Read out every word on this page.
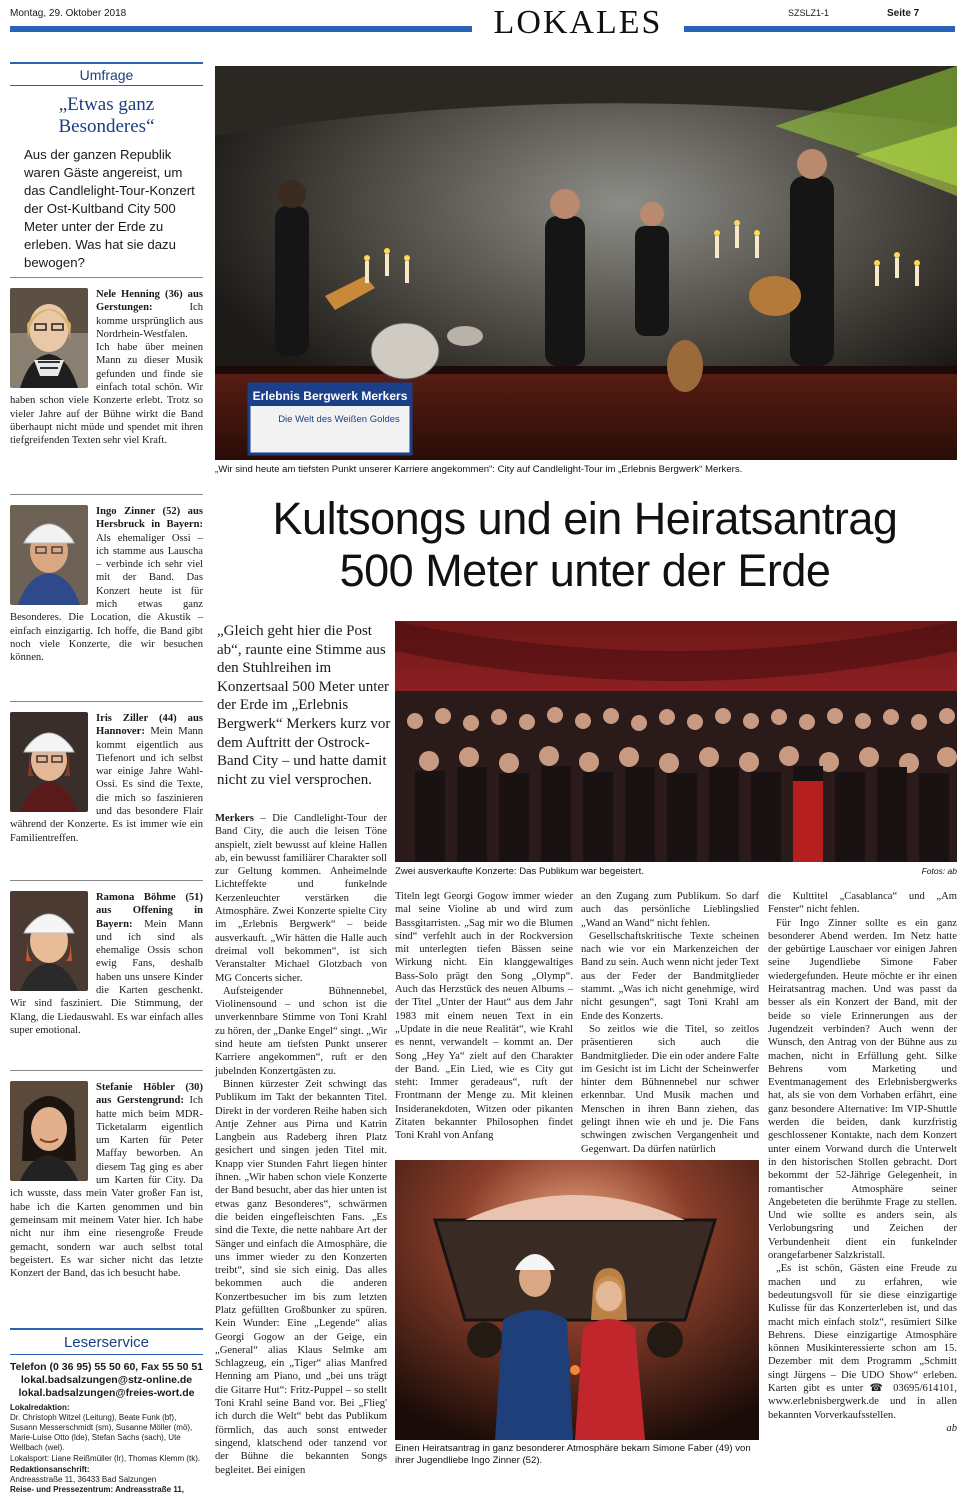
Montag, 29. Oktober 2018	LOKALES	SZSLZ1-1	Seite 7
Umfrage
„Etwas ganz Besonderes“
Aus der ganzen Republik waren Gäste angereist, um das Candlelight-Tour-Konzert der Ost-Kultband City 500 Meter unter der Erde zu erleben. Was hat sie dazu bewogen?
Nele Henning (36) aus Gerstungen:	Ich komme ursprünglich aus Nordrhein-Westfalen. Ich habe über meinen Mann zu dieser Musik gefunden und finde sie einfach total schön. Wir haben schon viele Konzerte erlebt. Trotz so vieler Jahre auf der Bühne wirkt die Band überhaupt nicht müde und spendet mit ihren tiefgreifenden Texten sehr viel Kraft.
Ingo Zinner (52) aus Hersbruck in Bayern: Als ehemaliger Ossi – ich stamme aus Lauscha – verbinde ich sehr viel mit der Band. Das Konzert heute ist für mich etwas ganz Besonderes. Die Location, die Akustik – einfach einzigartig. Ich hoffe, die Band gibt noch viele Konzerte, die wir besuchen können.
Iris Ziller (44) aus Hannover: Mein Mann kommt eigentlich aus Tiefenort und ich selbst war einige Jahre Wahl-Ossi. Es sind die Texte, die mich so faszinieren und das besondere Flair während der Konzerte. Es ist immer wie ein Familientreffen.
Ramona Böhme (51) aus Offening in Bayern: Mein Mann und ich sind als ehemalige Ossis schon ewig Fans, deshalb haben uns unsere Kinder die Karten geschenkt. Wir sind fasziniert. Die Stimmung, der Klang, die Liedauswahl. Es war einfach alles super emotional.
Stefanie Höbler (30) aus Gerstengrund: Ich hatte mich beim MDR-Ticketalarm eigentlich um Karten für Peter Maffay beworben. An diesem Tag ging es aber um Karten für City. Da ich wusste, dass mein Vater großer Fan ist, habe ich die Karten genommen und bin gemeinsam mit meinem Vater hier. Ich habe nicht nur ihm eine riesengroße Freude gemacht, sondern war auch selbst total begeistert. Es war sicher nicht das letzte Konzert der Band, das ich besucht habe.
Leserservice
Telefon (0 36 95) 55 50 60, Fax 55 50 51
lokal.badsalzungen@stz-online.de
lokal.badsalzungen@freies-wort.de
Lokalredaktion:
Dr. Christoph Witzel (Leitung), Beate Funk (bf), Susann Messerschmidt (sm), Susanne Möller (mö), Marie-Luise Otto (lde), Stefan Sachs (sach), Ute Wellbach (wel).
Lokalsport: Liane Reißmüller (lr), Thomas Klemm (tk).
Redaktionsanschrift:
Andreasstraße 11, 36433 Bad Salzungen
Reise- und Pressezentrum: Andreasstraße 11,
Erlebnis Bergwerk Merkers
Die Welt des Weißen Goldes
„Wir sind heute am tiefsten Punkt unserer Karriere angekommen“: City auf Candlelight-Tour im „Erlebnis Bergwerk“ Merkers.
Kultsongs und ein Heiratsantrag
500 Meter unter der Erde
„Gleich geht hier die Post ab“, raunte eine Stimme aus den Stuhlreihen im Konzertsaal 500 Meter unter der Erde im „Erlebnis Bergwerk“ Merkers kurz vor dem Auftritt der Ostrock-Band City – und hatte damit nicht zu viel versprochen.
Zwei ausverkaufte Konzerte: Das Publikum war begeistert.	Fotos: ab

Merkers – Die Candlelight-Tour der Band City, die auch die leisen Töne anspielt, zielt bewusst auf kleine Hallen ab, ein bewusst familiärer Charakter soll zur Geltung kommen. Anheimelnde Lichteffekte und funkelnde Kerzenleuchter verstärken die Atmosphäre. Zwei Konzerte spielte City im „Erlebnis Bergwerk“ – beide ausverkauft. „Wir hätten die Halle auch dreimal voll bekommen“, ist sich Veranstalter Michael Glotzbach von MG Concerts sicher.

Aufsteigender Bühnennebel, Violinensound – und schon ist die unverkennbare Stimme von Toni Krahl zu hören, der „Danke Engel“ singt. „Wir sind heute am tiefsten Punkt unserer Karriere angekommen“, ruft er den jubelnden Konzertgästen zu.

Binnen kürzester Zeit schwingt das Publikum im Takt der bekannten Titel. Direkt in der vorderen Reihe haben sich Antje Zehner aus Pirna und Katrin Langbein aus Radeberg ihren Platz gesichert und singen jeden Titel mit. Knapp vier Stunden Fahrt liegen hinter ihnen. „Wir haben schon viele Konzerte der Band besucht, aber das hier unten ist etwas ganz Besonderes“, schwärmen die beiden eingefleischten Fans. „Es sind die Texte, die nette nahbare Art der Sänger und einfach die Atmosphäre, die uns immer wieder zu den Konzerten treibt“, sind sie sich einig. Das alles bekommen auch die anderen Konzertbesucher im bis zum letzten Platz gefüllten Großbunker zu spüren. Kein Wunder: Eine „Legende“ alias Georgi Gogow an der Geige, ein „General“ alias Klaus Selmke am Schlagzeug, ein „Tiger“ alias Manfred Henning am Piano, und „bei uns trägt die Gitarre Hut“: Fritz-Puppel – so stellt Toni Krahl seine Band vor. Bei „Flieg' ich durch die Welt“ bebt das Publikum förmlich, das auch sonst entweder singend, klatschend oder tanzend vor der Bühne die bekannten Songs begleitet. Bei einigen

Titeln legt Georgi Gogow immer wieder mal seine Violine ab und wird zum Bassgitarristen. „Sag mir wo die Blumen sind“ verfehlt auch in der Rockversion mit unterlegten tiefen Bässen seine Wirkung nicht. Ein klanggewaltiges Bass-Solo prägt den Song „Olymp“. Auch das Herzstück des neuen Albums – der Titel „Unter der Haut“ aus dem Jahr 1983 mit einem neuen Text in ein „Update in die neue Realität“, wie Krahl es nennt, verwandelt – kommt an. Der Song „Hey Ya“ zielt auf den Charakter der Band. „Ein Lied, wie es City gut steht: Immer geradeaus“, ruft der Frontmann der Menge zu. Mit kleinen Insideranekdoten, Witzen oder pikanten Zitaten bekannter Philosophen findet Toni Krahl von Anfang

an den Zugang zum Publikum. So darf auch das persönliche Lieblingslied „Wand an Wand“ nicht fehlen.

Gesellschaftskritische Texte scheinen nach wie vor ein Markenzeichen der Band zu sein. Auch wenn nicht jeder Text aus der Feder der Bandmitglieder stammt. „Was ich nicht genehmige, wird nicht gesungen“, sagt Toni Krahl am Ende des Konzerts.

So zeitlos wie die Titel, so zeitlos präsentieren sich auch die Bandmitglieder. Die ein oder andere Falte im Gesicht ist im Licht der Scheinwerfer hinter dem Bühnennebel nur schwer erkennbar. Und Musik machen und Menschen in ihren Bann ziehen, das gelingt ihnen wie eh und je. Die Fans schwingen zwischen Vergangenheit und Gegenwart. Da dürfen natürlich

die Kulttitel „Casablanca“ und „Am Fenster“ nicht fehlen.

Für Ingo Zinner sollte es ein ganz besonderer Abend werden. Im Netz hatte der gebürtige Lauschaer vor einigen Jahren seine Jugendliebe Simone Faber wiedergefunden. Heute möchte er ihr einen Heiratsantrag machen. Und was passt da besser als ein Konzert der Band, mit der beide so viele Erinnerungen aus der Jugendzeit verbinden? Auch wenn der Wunsch, den Antrag von der Bühne aus zu machen, nicht in Erfüllung geht. Silke Behrens vom Marketing und Eventmanagement des Erlebnisbergwerks hat, als sie von dem Vorhaben erfährt, eine ganz besondere Alternative: Im VIP-Shuttle werden die beiden, dank kurzfristig geschlossener Kontakte, nach dem Konzert unter einem Vorwand durch die Unterwelt in den historischen Stollen gebracht. Dort bekommt der 52-Jährige Gelegenheit, in romantischer Atmosphäre seiner Angebeteten die berühmte Frage zu stellen. Und wie sollte es anders sein, als Verlobungsring und Zeichen der Verbundenheit dient ein funkelnder orangefarbener Salzkristall.

„Es ist schön, Gästen eine Freude zu machen und zu erfahren, wie bedeutungsvoll für sie diese einzigartige Kulisse für das Konzerterleben ist, und das macht mich einfach stolz“, resümiert Silke Behrens. Diese einzigartige Atmosphäre können Musikinteressierte schon am 15. Dezember mit dem Programm „Schmitt singt Jürgens – Die UDO Show“ erleben. Karten gibt es unter ☎ 03695/614101, www.erlebnisbergwerk.de und in allen bekannten Vorverkaufsstellen.

ab

Einen Heiratsantrag in ganz besonderer Atmosphäre bekam Simone Faber (49) von ihrer Jugendliebe Ingo Zinner (52).
